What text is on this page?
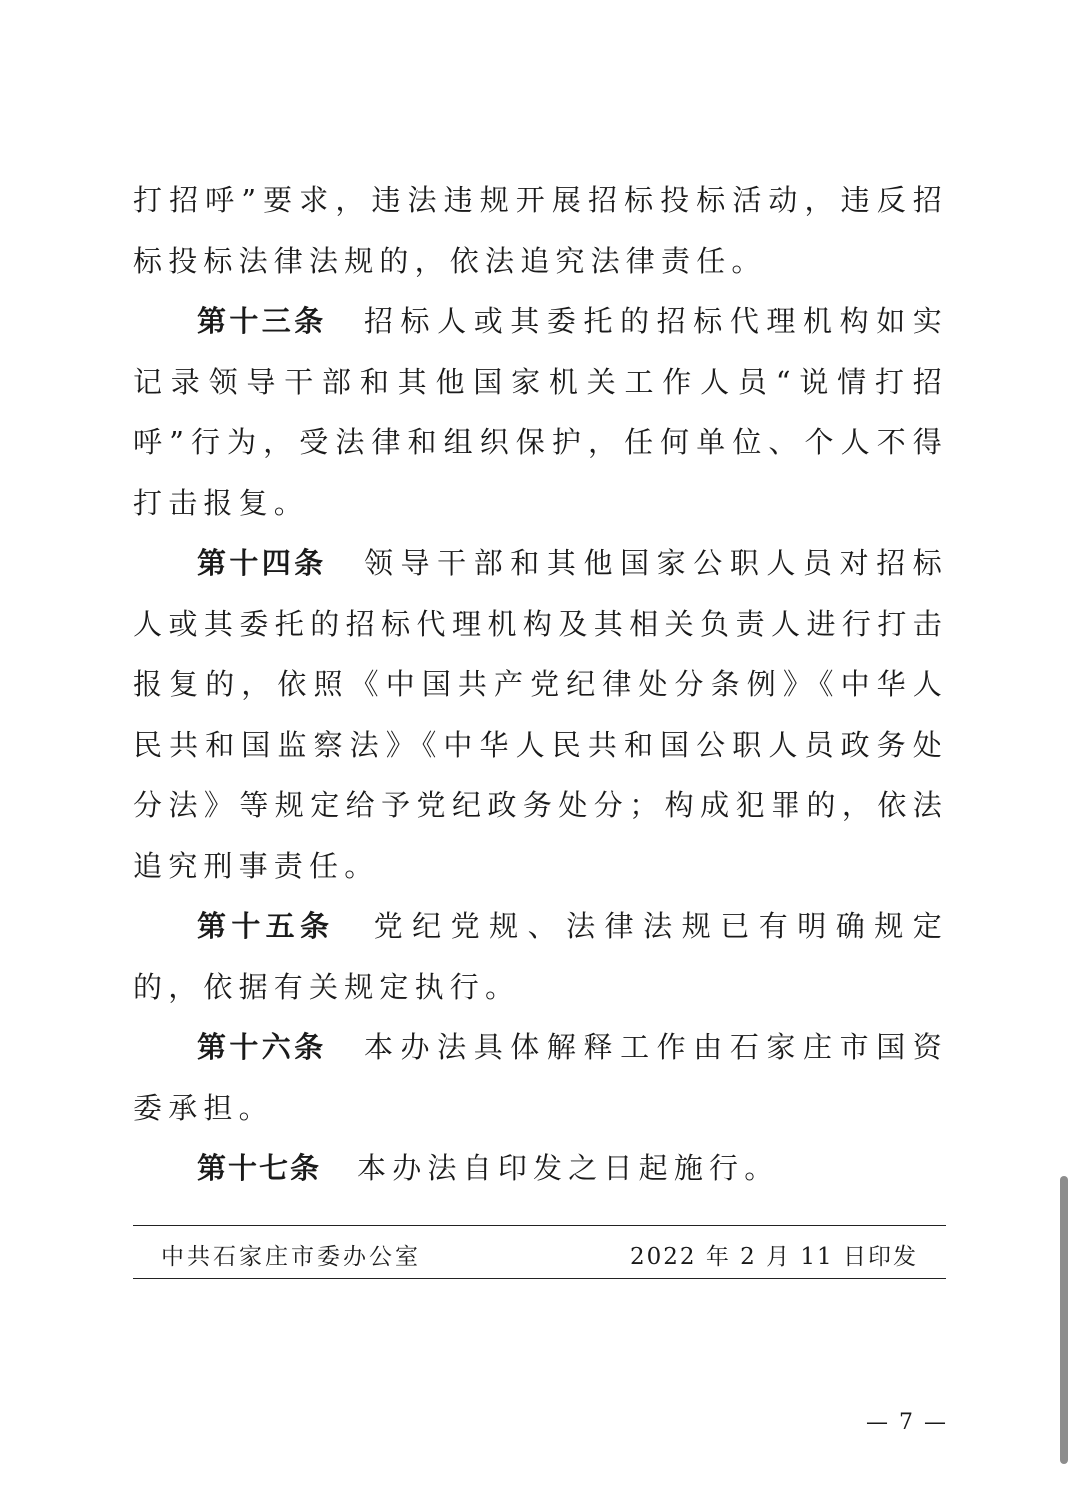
打招呼”要求，违法违规开展招标投标活动，违反招标投标法律法规的，依法追究法律责任。

第十三条 招标人或其委托的招标代理机构如实记录领导干部和其他国家机关工作人员“说情打招呼”行为，受法律和组织保护，任何单位、个人不得打击报复。

第十四条 领导干部和其他国家公职人员对招标人或其委托的招标代理机构及其相关负责人进行打击报复的，依照《中国共产党纪律处分条例》《中华人民共和国监察法》《中华人民共和国公职人员政务处分法》等规定给予党纪政务处分；构成犯罪的，依法追究刑事责任。

第十五条 党纪党规、法律法规已有明确规定的，依据有关规定执行。

第十六条 本办法具体解释工作由石家庄市国资委承担。

第十七条 本办法自印发之日起施行。

中共石家庄市委办公室	2022 年 2 月 11 日印发
— 7 —
